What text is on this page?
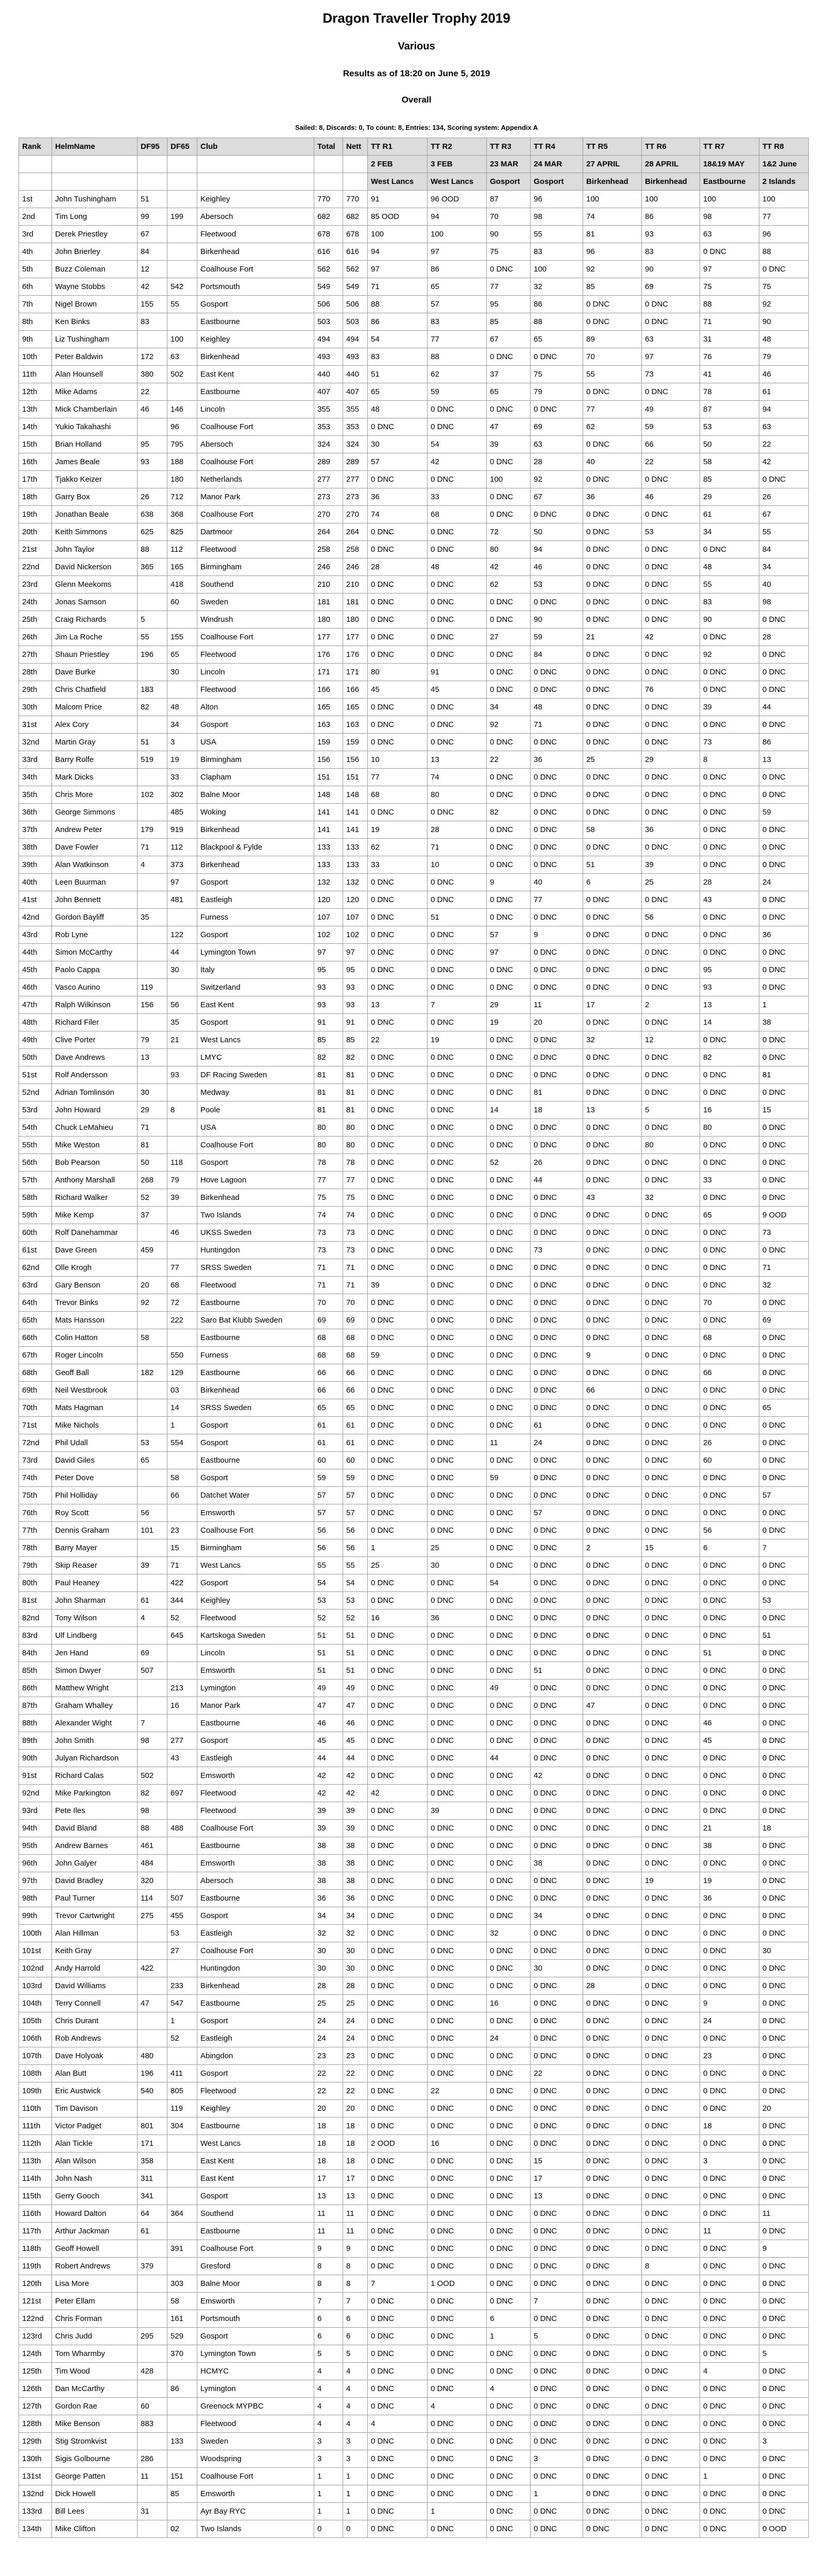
Dragon Traveller Trophy 2019
Various
Results as of 18:20 on June 5, 2019
Overall
Sailed: 8, Discards: 0, To count: 8, Entries: 134, Scoring system: Appendix A
Rank	HelmName	DF95	DF65	Club	Total	Nett	TT R1	TT R2	TT R3	TT R4	TT R5	TT R6	TT R7	TT R8
							2 FEB	3 FEB	23 MAR	24 MAR	27 APRIL	28 APRIL	18&19 MAY	1&2 June
							West Lancs	West Lancs	Gosport	Gosport	Birkenhead	Birkenhead	Eastbourne	2 Islands
1st	John Tushingham	51		Keighley	770	770	91	96 OOD	87	96	100	100	100	100
2nd	Tim Long	99	199	Abersoch	682	682	85 OOD	94	70	98	74	86	98	77
3rd	Derek Priestley	67		Fleetwood	678	678	100	100	90	55	81	93	63	96
4th	John Brierley	84		Birkenhead	616	616	94	97	75	83	96	83	0 DNC	88
5th	Buzz Coleman	12		Coalhouse Fort	562	562	97	86	0 DNC	100	92	90	97	0 DNC
6th	Wayne Stobbs	42	542	Portsmouth	549	549	71	65	77	32	85	69	75	75
7th	Nigel Brown	155	55	Gosport	506	506	88	57	95	86	0 DNC	0 DNC	88	92
8th	Ken Binks	83		Eastbourne	503	503	86	83	85	88	0 DNC	0 DNC	71	90
9th	Liz Tushingham		100	Keighley	494	494	54	77	67	65	89	63	31	48
10th	Peter Baldwin	172	63	Birkenhead	493	493	83	88	0 DNC	0 DNC	70	97	76	79
11th	Alan Hounsell	380	502	East Kent	440	440	51	62	37	75	55	73	41	46
12th	Mike Adams	22		Eastbourne	407	407	65	59	65	79	0 DNC	0 DNC	78	61
13th	Mick Chamberlain	46	146	Lincoln	355	355	48	0 DNC	0 DNC	0 DNC	77	49	87	94
14th	Yukio Takahashi		96	Coalhouse Fort	353	353	0 DNC	0 DNC	47	69	62	59	53	63
15th	Brian Holland	95	795	Abersoch	324	324	30	54	39	63	0 DNC	66	50	22
16th	James Beale	93	188	Coalhouse Fort	289	289	57	42	0 DNC	28	40	22	58	42
17th	Tjakko Keizer		180	Netherlands	277	277	0 DNC	0 DNC	100	92	0 DNC	0 DNC	85	0 DNC
18th	Garry Box	26	712	Manor Park	273	273	36	33	0 DNC	67	36	46	29	26
19th	Jonathan Beale	638	368	Coalhouse Fort	270	270	74	68	0 DNC	0 DNC	0 DNC	0 DNC	61	67
20th	Keith Simmons	625	825	Dartmoor	264	264	0 DNC	0 DNC	72	50	0 DNC	53	34	55
21st	John Taylor	88	112	Fleetwood	258	258	0 DNC	0 DNC	80	94	0 DNC	0 DNC	0 DNC	84
22nd	David Nickerson	365	165	Birmingham	246	246	28	48	42	46	0 DNC	0 DNC	48	34
23rd	Glenn Meekoms		418	Southend	210	210	0 DNC	0 DNC	62	53	0 DNC	0 DNC	55	40
24th	Jonas Samson		60	Sweden	181	181	0 DNC	0 DNC	0 DNC	0 DNC	0 DNC	0 DNC	83	98
25th	Craig Richards	5		Windrush	180	180	0 DNC	0 DNC	0 DNC	90	0 DNC	0 DNC	90	0 DNC
26th	Jim La Roche	55	155	Coalhouse Fort	177	177	0 DNC	0 DNC	27	59	21	42	0 DNC	28
27th	Shaun Priestley	196	65	Fleetwood	176	176	0 DNC	0 DNC	0 DNC	84	0 DNC	0 DNC	92	0 DNC
28th	Dave Burke		30	Lincoln	171	171	80	91	0 DNC	0 DNC	0 DNC	0 DNC	0 DNC	0 DNC
29th	Chris Chatfield	183		Fleetwood	166	166	45	45	0 DNC	0 DNC	0 DNC	76	0 DNC	0 DNC
30th	Malcom Price	82	48	Alton	165	165	0 DNC	0 DNC	34	48	0 DNC	0 DNC	39	44
31st	Alex Cory		34	Gosport	163	163	0 DNC	0 DNC	92	71	0 DNC	0 DNC	0 DNC	0 DNC
32nd	Martin Gray	51	3	USA	159	159	0 DNC	0 DNC	0 DNC	0 DNC	0 DNC	0 DNC	73	86
33rd	Barry Rolfe	519	19	Birmingham	156	156	10	13	22	36	25	29	8	13
34th	Mark Dicks		33	Clapham	151	151	77	74	0 DNC	0 DNC	0 DNC	0 DNC	0 DNC	0 DNC
35th	Chris More	102	302	Balne Moor	148	148	68	80	0 DNC	0 DNC	0 DNC	0 DNC	0 DNC	0 DNC
36th	George Simmons		485	Woking	141	141	0 DNC	0 DNC	82	0 DNC	0 DNC	0 DNC	0 DNC	59
37th	Andrew Peter	179	919	Birkenhead	141	141	19	28	0 DNC	0 DNC	58	36	0 DNC	0 DNC
38th	Dave Fowler	71	112	Blackpool & Fylde	133	133	62	71	0 DNC	0 DNC	0 DNC	0 DNC	0 DNC	0 DNC
39th	Alan Watkinson	4	373	Birkenhead	133	133	33	10	0 DNC	0 DNC	51	39	0 DNC	0 DNC
40th	Leen Buurman		97	Gosport	132	132	0 DNC	0 DNC	9	40	6	25	28	24
41st	John Bennett		481	Eastleigh	120	120	0 DNC	0 DNC	0 DNC	77	0 DNC	0 DNC	43	0 DNC
42nd	Gordon Bayliff	35		Furness	107	107	0 DNC	51	0 DNC	0 DNC	0 DNC	56	0 DNC	0 DNC
43rd	Rob Lyne		122	Gosport	102	102	0 DNC	0 DNC	57	9	0 DNC	0 DNC	0 DNC	36
44th	Simon McCarthy		44	Lymington Town	97	97	0 DNC	0 DNC	97	0 DNC	0 DNC	0 DNC	0 DNC	0 DNC
45th	Paolo Cappa		30	Italy	95	95	0 DNC	0 DNC	0 DNC	0 DNC	0 DNC	0 DNC	95	0 DNC
46th	Vasco Aurino	119		Switzerland	93	93	0 DNC	0 DNC	0 DNC	0 DNC	0 DNC	0 DNC	93	0 DNC
47th	Ralph Wilkinson	156	56	East Kent	93	93	13	7	29	11	17	2	13	1
48th	Richard Filer		35	Gosport	91	91	0 DNC	0 DNC	19	20	0 DNC	0 DNC	14	38
49th	Clive Porter	79	21	West Lancs	85	85	22	19	0 DNC	0 DNC	32	12	0 DNC	0 DNC
50th	Dave Andrews	13		LMYC	82	82	0 DNC	0 DNC	0 DNC	0 DNC	0 DNC	0 DNC	82	0 DNC
51st	Rolf Andersson		93	DF Racing Sweden	81	81	0 DNC	0 DNC	0 DNC	0 DNC	0 DNC	0 DNC	0 DNC	81
52nd	Adrian Tomlinson	30		Medway	81	81	0 DNC	0 DNC	0 DNC	81	0 DNC	0 DNC	0 DNC	0 DNC
53rd	John Howard	29	8	Poole	81	81	0 DNC	0 DNC	14	18	13	5	16	15
54th	Chuck LeMahieu	71		USA	80	80	0 DNC	0 DNC	0 DNC	0 DNC	0 DNC	0 DNC	80	0 DNC
55th	Mike Weston	81		Coalhouse Fort	80	80	0 DNC	0 DNC	0 DNC	0 DNC	0 DNC	80	0 DNC	0 DNC
56th	Bob Pearson	50	118	Gosport	78	78	0 DNC	0 DNC	52	26	0 DNC	0 DNC	0 DNC	0 DNC
57th	Anthony Marshall	268	79	Hove Lagoon	77	77	0 DNC	0 DNC	0 DNC	44	0 DNC	0 DNC	33	0 DNC
58th	Richard Walker	52	39	Birkenhead	75	75	0 DNC	0 DNC	0 DNC	0 DNC	43	32	0 DNC	0 DNC
59th	Mike Kemp	37		Two Islands	74	74	0 DNC	0 DNC	0 DNC	0 DNC	0 DNC	0 DNC	65	9 OOD
60th	Rolf Danehammar		46	UKSS Sweden	73	73	0 DNC	0 DNC	0 DNC	0 DNC	0 DNC	0 DNC	0 DNC	73
61st	Dave Green	459		Huntingdon	73	73	0 DNC	0 DNC	0 DNC	73	0 DNC	0 DNC	0 DNC	0 DNC
62nd	Olle Krogh		77	SRSS Sweden	71	71	0 DNC	0 DNC	0 DNC	0 DNC	0 DNC	0 DNC	0 DNC	71
63rd	Gary Benson	20	68	Fleetwood	71	71	39	0 DNC	0 DNC	0 DNC	0 DNC	0 DNC	0 DNC	32
64th	Trevor Binks	92	72	Eastbourne	70	70	0 DNC	0 DNC	0 DNC	0 DNC	0 DNC	0 DNC	70	0 DNC
65th	Mats Hansson		222	Saro Bat Klubb Sweden	69	69	0 DNC	0 DNC	0 DNC	0 DNC	0 DNC	0 DNC	0 DNC	69
66th	Colin Hatton	58		Eastbourne	68	68	0 DNC	0 DNC	0 DNC	0 DNC	0 DNC	0 DNC	68	0 DNC
67th	Roger Lincoln		550	Furness	68	68	59	0 DNC	0 DNC	0 DNC	9	0 DNC	0 DNC	0 DNC
68th	Geoff Ball	182	129	Eastbourne	66	66	0 DNC	0 DNC	0 DNC	0 DNC	0 DNC	0 DNC	66	0 DNC
69th	Neil Westbrook		03	Birkenhead	66	66	0 DNC	0 DNC	0 DNC	0 DNC	66	0 DNC	0 DNC	0 DNC
70th	Mats Hagman		14	SRSS Sweden	65	65	0 DNC	0 DNC	0 DNC	0 DNC	0 DNC	0 DNC	0 DNC	65
71st	Mike Nichols		1	Gosport	61	61	0 DNC	0 DNC	0 DNC	61	0 DNC	0 DNC	0 DNC	0 DNC
72nd	Phil Udall	53	554	Gosport	61	61	0 DNC	0 DNC	11	24	0 DNC	0 DNC	26	0 DNC
73rd	David Giles	65		Eastbourne	60	60	0 DNC	0 DNC	0 DNC	0 DNC	0 DNC	0 DNC	60	0 DNC
74th	Peter Dove		58	Gosport	59	59	0 DNC	0 DNC	59	0 DNC	0 DNC	0 DNC	0 DNC	0 DNC
75th	Phil Holliday		66	Datchet Water	57	57	0 DNC	0 DNC	0 DNC	0 DNC	0 DNC	0 DNC	0 DNC	57
76th	Roy Scott	56		Emsworth	57	57	0 DNC	0 DNC	0 DNC	57	0 DNC	0 DNC	0 DNC	0 DNC
77th	Dennis Graham	101	23	Coalhouse Fort	56	56	0 DNC	0 DNC	0 DNC	0 DNC	0 DNC	0 DNC	56	0 DNC
78th	Barry Mayer		15	Birmingham	56	56	1	25	0 DNC	0 DNC	2	15	6	7
79th	Skip Reaser	39	71	West Lancs	55	55	25	30	0 DNC	0 DNC	0 DNC	0 DNC	0 DNC	0 DNC
80th	Paul Heaney		422	Gosport	54	54	0 DNC	0 DNC	54	0 DNC	0 DNC	0 DNC	0 DNC	0 DNC
81st	John Sharman	61	344	Keighley	53	53	0 DNC	0 DNC	0 DNC	0 DNC	0 DNC	0 DNC	0 DNC	53
82nd	Tony Wilson	4	52	Fleetwood	52	52	16	36	0 DNC	0 DNC	0 DNC	0 DNC	0 DNC	0 DNC
83rd	Ulf Lindberg		645	Kartskoga Sweden	51	51	0 DNC	0 DNC	0 DNC	0 DNC	0 DNC	0 DNC	0 DNC	51
84th	Jen Hand	69		Lincoln	51	51	0 DNC	0 DNC	0 DNC	0 DNC	0 DNC	0 DNC	51	0 DNC
85th	Simon Dwyer	507		Emsworth	51	51	0 DNC	0 DNC	0 DNC	51	0 DNC	0 DNC	0 DNC	0 DNC
86th	Matthew Wright		213	Lymington	49	49	0 DNC	0 DNC	49	0 DNC	0 DNC	0 DNC	0 DNC	0 DNC
87th	Graham Whalley		16	Manor Park	47	47	0 DNC	0 DNC	0 DNC	0 DNC	47	0 DNC	0 DNC	0 DNC
88th	Alexander Wight	7		Eastbourne	46	46	0 DNC	0 DNC	0 DNC	0 DNC	0 DNC	0 DNC	46	0 DNC
89th	John Smith	98	277	Gosport	45	45	0 DNC	0 DNC	0 DNC	0 DNC	0 DNC	0 DNC	45	0 DNC
90th	Julyan Richardson		43	Eastleigh	44	44	0 DNC	0 DNC	44	0 DNC	0 DNC	0 DNC	0 DNC	0 DNC
91st	Richard Calas	502		Emsworth	42	42	0 DNC	0 DNC	0 DNC	42	0 DNC	0 DNC	0 DNC	0 DNC
92nd	Mike Parkington	82	697	Fleetwood	42	42	42	0 DNC	0 DNC	0 DNC	0 DNC	0 DNC	0 DNC	0 DNC
93rd	Pete Iles	98		Fleetwood	39	39	0 DNC	39	0 DNC	0 DNC	0 DNC	0 DNC	0 DNC	0 DNC
94th	David Bland	88	488	Coalhouse Fort	39	39	0 DNC	0 DNC	0 DNC	0 DNC	0 DNC	0 DNC	21	18
95th	Andrew Barnes	461		Eastbourne	38	38	0 DNC	0 DNC	0 DNC	0 DNC	0 DNC	0 DNC	38	0 DNC
96th	John Galyer	484		Emsworth	38	38	0 DNC	0 DNC	0 DNC	38	0 DNC	0 DNC	0 DNC	0 DNC
97th	David Bradley	320		Abersoch	38	38	0 DNC	0 DNC	0 DNC	0 DNC	0 DNC	19	19	0 DNC
98th	Paul Turner	114	507	Eastbourne	36	36	0 DNC	0 DNC	0 DNC	0 DNC	0 DNC	0 DNC	36	0 DNC
99th	Trevor Cartwright	275	455	Gosport	34	34	0 DNC	0 DNC	0 DNC	34	0 DNC	0 DNC	0 DNC	0 DNC
100th	Alan Hillman		53	Eastleigh	32	32	0 DNC	0 DNC	32	0 DNC	0 DNC	0 DNC	0 DNC	0 DNC
101st	Keith Gray		27	Coalhouse Fort	30	30	0 DNC	0 DNC	0 DNC	0 DNC	0 DNC	0 DNC	0 DNC	30
102nd	Andy Harrold	422		Huntingdon	30	30	0 DNC	0 DNC	0 DNC	30	0 DNC	0 DNC	0 DNC	0 DNC
103rd	David Williams		233	Birkenhead	28	28	0 DNC	0 DNC	0 DNC	0 DNC	28	0 DNC	0 DNC	0 DNC
104th	Terry Connell	47	547	Eastbourne	25	25	0 DNC	0 DNC	16	0 DNC	0 DNC	0 DNC	9	0 DNC
105th	Chris Durant		1	Gosport	24	24	0 DNC	0 DNC	0 DNC	0 DNC	0 DNC	0 DNC	24	0 DNC
106th	Rob Andrews		52	Eastleigh	24	24	0 DNC	0 DNC	24	0 DNC	0 DNC	0 DNC	0 DNC	0 DNC
107th	Dave Holyoak	480		Abingdon	23	23	0 DNC	0 DNC	0 DNC	0 DNC	0 DNC	0 DNC	23	0 DNC
108th	Alan Butt	196	411	Gosport	22	22	0 DNC	0 DNC	0 DNC	22	0 DNC	0 DNC	0 DNC	0 DNC
109th	Eric Austwick	540	805	Fleetwood	22	22	0 DNC	22	0 DNC	0 DNC	0 DNC	0 DNC	0 DNC	0 DNC
110th	Tim Davison		119	Keighley	20	20	0 DNC	0 DNC	0 DNC	0 DNC	0 DNC	0 DNC	0 DNC	20
111th	Victor Padget	801	304	Eastbourne	18	18	0 DNC	0 DNC	0 DNC	0 DNC	0 DNC	0 DNC	18	0 DNC
112th	Alan Tickle	171		West Lancs	18	18	2 OOD	16	0 DNC	0 DNC	0 DNC	0 DNC	0 DNC	0 DNC
113th	Alan Wilson	358		East Kent	18	18	0 DNC	0 DNC	0 DNC	15	0 DNC	0 DNC	3	0 DNC
114th	John Nash	311		East Kent	17	17	0 DNC	0 DNC	0 DNC	17	0 DNC	0 DNC	0 DNC	0 DNC
115th	Gerry Gooch	341		Gosport	13	13	0 DNC	0 DNC	0 DNC	13	0 DNC	0 DNC	0 DNC	0 DNC
116th	Howard Dalton	64	364	Southend	11	11	0 DNC	0 DNC	0 DNC	0 DNC	0 DNC	0 DNC	0 DNC	11
117th	Arthur Jackman	61		Eastbourne	11	11	0 DNC	0 DNC	0 DNC	0 DNC	0 DNC	0 DNC	11	0 DNC
118th	Geoff Howell		391	Coalhouse Fort	9	9	0 DNC	0 DNC	0 DNC	0 DNC	0 DNC	0 DNC	0 DNC	9
119th	Robert Andrews	379		Gresford	8	8	0 DNC	0 DNC	0 DNC	0 DNC	0 DNC	8	0 DNC	0 DNC
120th	Lisa More		303	Balne Moor	8	8	7	1 OOD	0 DNC	0 DNC	0 DNC	0 DNC	0 DNC	0 DNC
121st	Peter Ellam		58	Emsworth	7	7	0 DNC	0 DNC	0 DNC	7	0 DNC	0 DNC	0 DNC	0 DNC
122nd	Chris Forman		161	Portsmouth	6	6	0 DNC	0 DNC	6	0 DNC	0 DNC	0 DNC	0 DNC	0 DNC
123rd	Chris Judd	295	529	Gosport	6	6	0 DNC	0 DNC	1	5	0 DNC	0 DNC	0 DNC	0 DNC
124th	Tom Wharmby		370	Lymington Town	5	5	0 DNC	0 DNC	0 DNC	0 DNC	0 DNC	0 DNC	0 DNC	5
125th	Tim Wood	428		HCMYC	4	4	0 DNC	0 DNC	0 DNC	0 DNC	0 DNC	0 DNC	4	0 DNC
126th	Dan McCarthy		86	Lymington	4	4	0 DNC	0 DNC	4	0 DNC	0 DNC	0 DNC	0 DNC	0 DNC
127th	Gordon Rae	60		Greenock MYPBC	4	4	0 DNC	4	0 DNC	0 DNC	0 DNC	0 DNC	0 DNC	0 DNC
128th	Mike Benson	883		Fleetwood	4	4	4	0 DNC	0 DNC	0 DNC	0 DNC	0 DNC	0 DNC	0 DNC
129th	Stig Stromkvist		133	Sweden	3	3	0 DNC	0 DNC	0 DNC	0 DNC	0 DNC	0 DNC	0 DNC	3
130th	Sigis Golbourne	286		Woodspring	3	3	0 DNC	0 DNC	0 DNC	3	0 DNC	0 DNC	0 DNC	0 DNC
131st	George Patten	11	151	Coalhouse Fort	1	1	0 DNC	0 DNC	0 DNC	0 DNC	0 DNC	0 DNC	1	0 DNC
132nd	Dick Howell		85	Emsworth	1	1	0 DNC	0 DNC	0 DNC	1	0 DNC	0 DNC	0 DNC	0 DNC
133rd	Bill Lees	31		Ayr Bay RYC	1	1	0 DNC	1	0 DNC	0 DNC	0 DNC	0 DNC	0 DNC	0 DNC
134th	Mike Clifton		02	Two Islands	0	0	0 DNC	0 DNC	0 DNC	0 DNC	0 DNC	0 DNC	0 DNC	0 OOD
